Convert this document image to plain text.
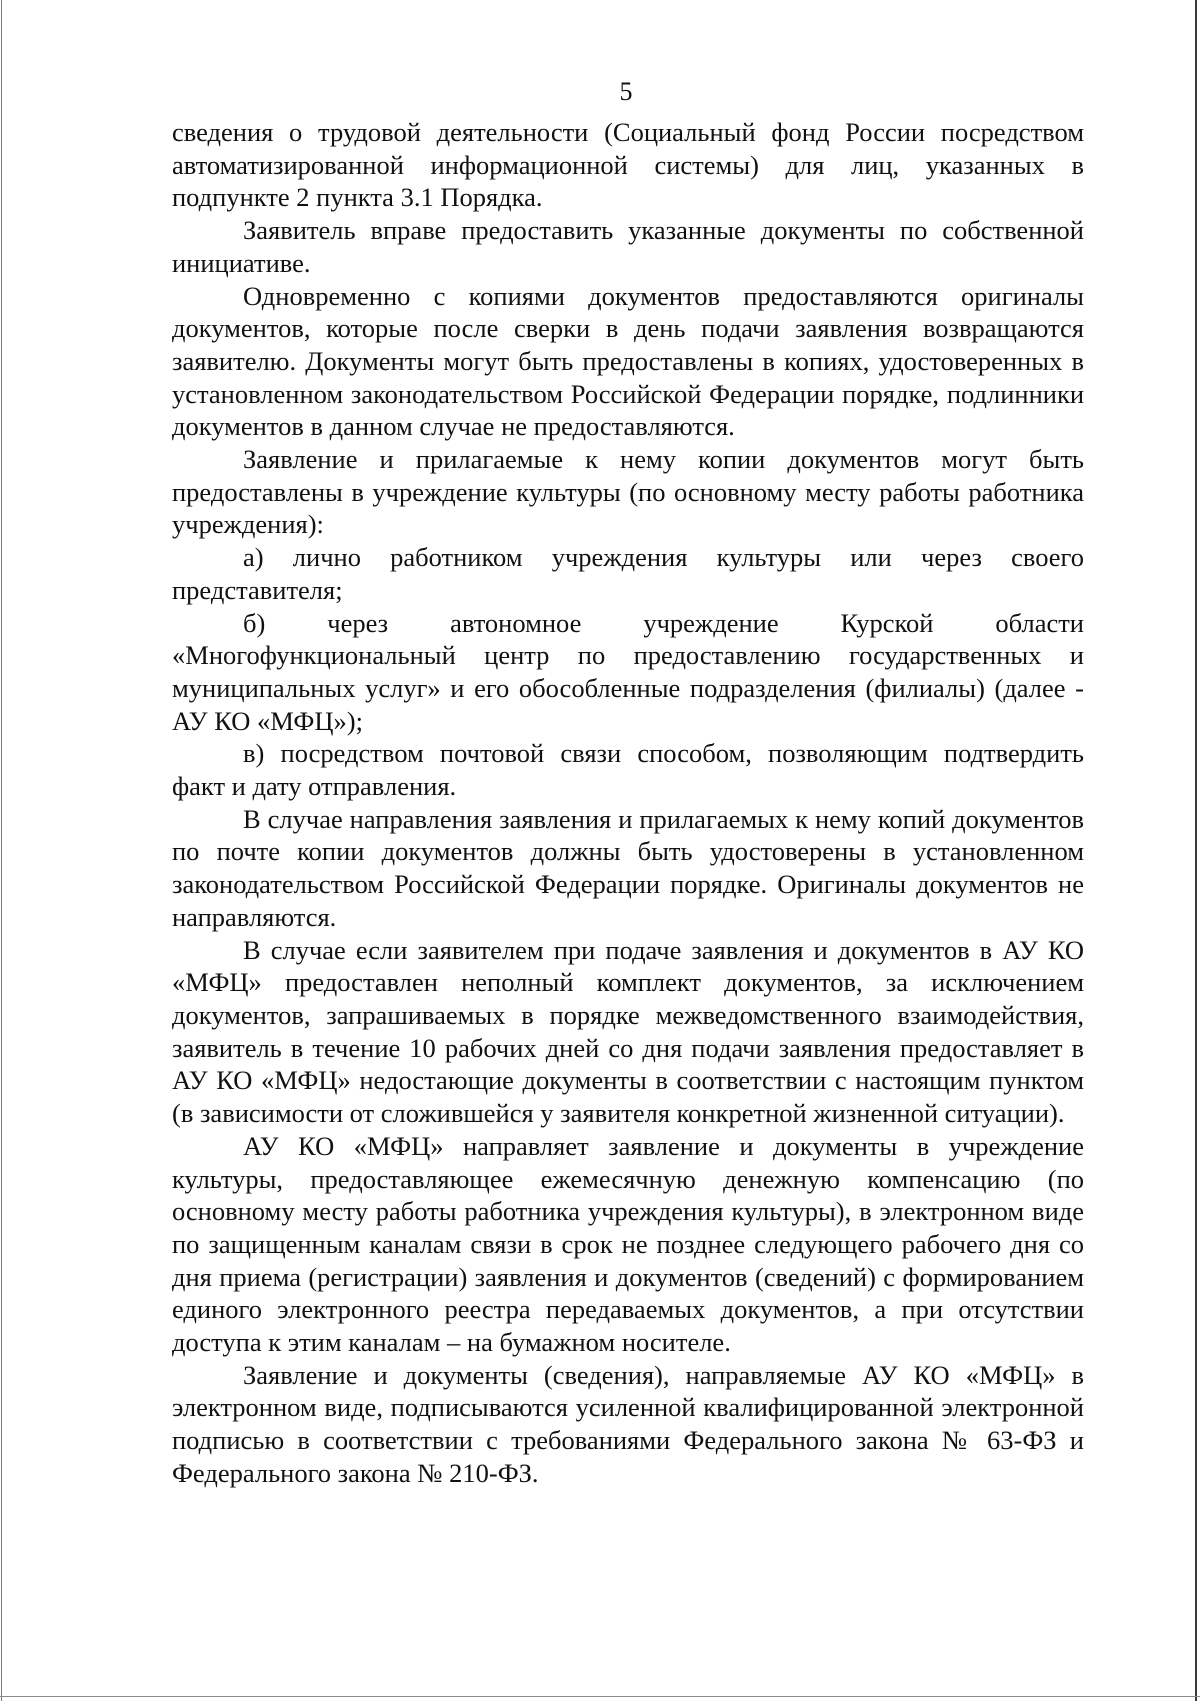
5

сведения о трудовой деятельности (Социальный фонд России посредством автоматизированной информационной системы) для лиц, указанных в подпункте 2 пункта 3.1 Порядка.

Заявитель вправе предоставить указанные документы по собственной инициативе.

Одновременно с копиями документов предоставляются оригиналы документов, которые после сверки в день подачи заявления возвращаются заявителю. Документы могут быть предоставлены в копиях, удостоверенных в установленном законодательством Российской Федерации порядке, подлинники документов в данном случае не предоставляются.

Заявление и прилагаемые к нему копии документов могут быть предоставлены в учреждение культуры (по основному месту работы работника учреждения):

а) лично работником учреждения культуры или через своего представителя;

б) через автономное учреждение Курской области «Многофункциональный центр по предоставлению государственных и муниципальных услуг» и его обособленные подразделения (филиалы) (далее - АУ КО «МФЦ»);

в) посредством почтовой связи способом, позволяющим подтвердить факт и дату отправления.

В случае направления заявления и прилагаемых к нему копий документов по почте копии документов должны быть удостоверены в установленном законодательством Российской Федерации порядке. Оригиналы документов не направляются.

В случае если заявителем при подаче заявления и документов в АУ КО «МФЦ» предоставлен неполный комплект документов, за исключением документов, запрашиваемых в порядке межведомственного взаимодействия, заявитель в течение 10 рабочих дней со дня подачи заявления предоставляет в АУ КО «МФЦ» недостающие документы в соответствии с настоящим пунктом (в зависимости от сложившейся у заявителя конкретной жизненной ситуации).

АУ КО «МФЦ» направляет заявление и документы в учреждение культуры, предоставляющее ежемесячную денежную компенсацию (по основному месту работы работника учреждения культуры), в электронном виде по защищенным каналам связи в срок не позднее следующего рабочего дня со дня приема (регистрации) заявления и документов (сведений) с формированием единого электронного реестра передаваемых документов, а при отсутствии доступа к этим каналам – на бумажном носителе.

Заявление и документы (сведения), направляемые АУ КО «МФЦ» в электронном виде, подписываются усиленной квалифицированной электронной подписью в соответствии с требованиями Федерального закона № 63-ФЗ и Федерального закона № 210-ФЗ.
